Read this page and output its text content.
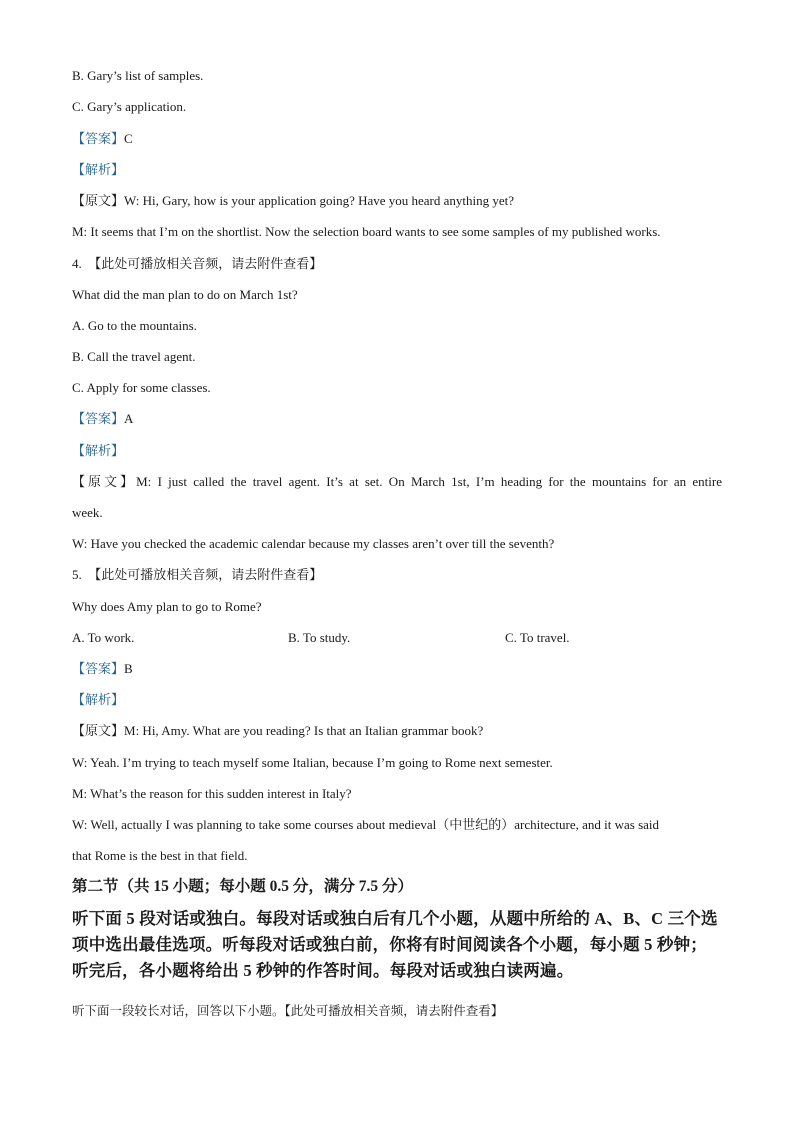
B. Gary’s list of samples.
C. Gary’s application.
【答案】C
【解析】
【原文】W: Hi, Gary, how is your application going? Have you heard anything yet?
M: It seems that I’m on the shortlist. Now the selection board wants to see some samples of my published works.
4.　【此处可播放相关音频，请去附件查看】
What did the man plan to do on March 1st?
A. Go to the mountains.
B. Call the travel agent.
C. Apply for some classes.
【答案】A
【解析】
【原文】M: I just called the travel agent. It’s at set. On March 1st, I’m heading for the mountains for an entire
week.
W: Have you checked the academic calendar because my classes aren’t over till the seventh?
5.　【此处可播放相关音频，请去附件查看】
Why does Amy plan to go to Rome?
A. To work.	B. To study.	C. To travel.
【答案】B
【解析】
【原文】M: Hi, Amy. What are you reading? Is that an Italian grammar book?
W: Yeah. I’m trying to teach myself some Italian, because I’m going to Rome next semester.
M: What’s the reason for this sudden interest in Italy?
W: Well, actually I was planning to take some courses about medieval（中世纪的）architecture, and it was said
that Rome is the best in that field.
第二节（共 15 小题；每小题 0.5 分，满分 7.5 分）
听下面 5 段对话或独白。每段对话或独白后有几个小题，从题中所给的 A、B、C 三个选项中选出最佳选项。听每段对话或独白前，你将有时间阅读各个小题，每小题 5 秒钟；听完后，各小题将给出 5 秒钟的作答时间。每段对话或独白读两遍。
听下面一段较长对话，回答以下小题。【此处可播放相关音频，请去附件查看】
